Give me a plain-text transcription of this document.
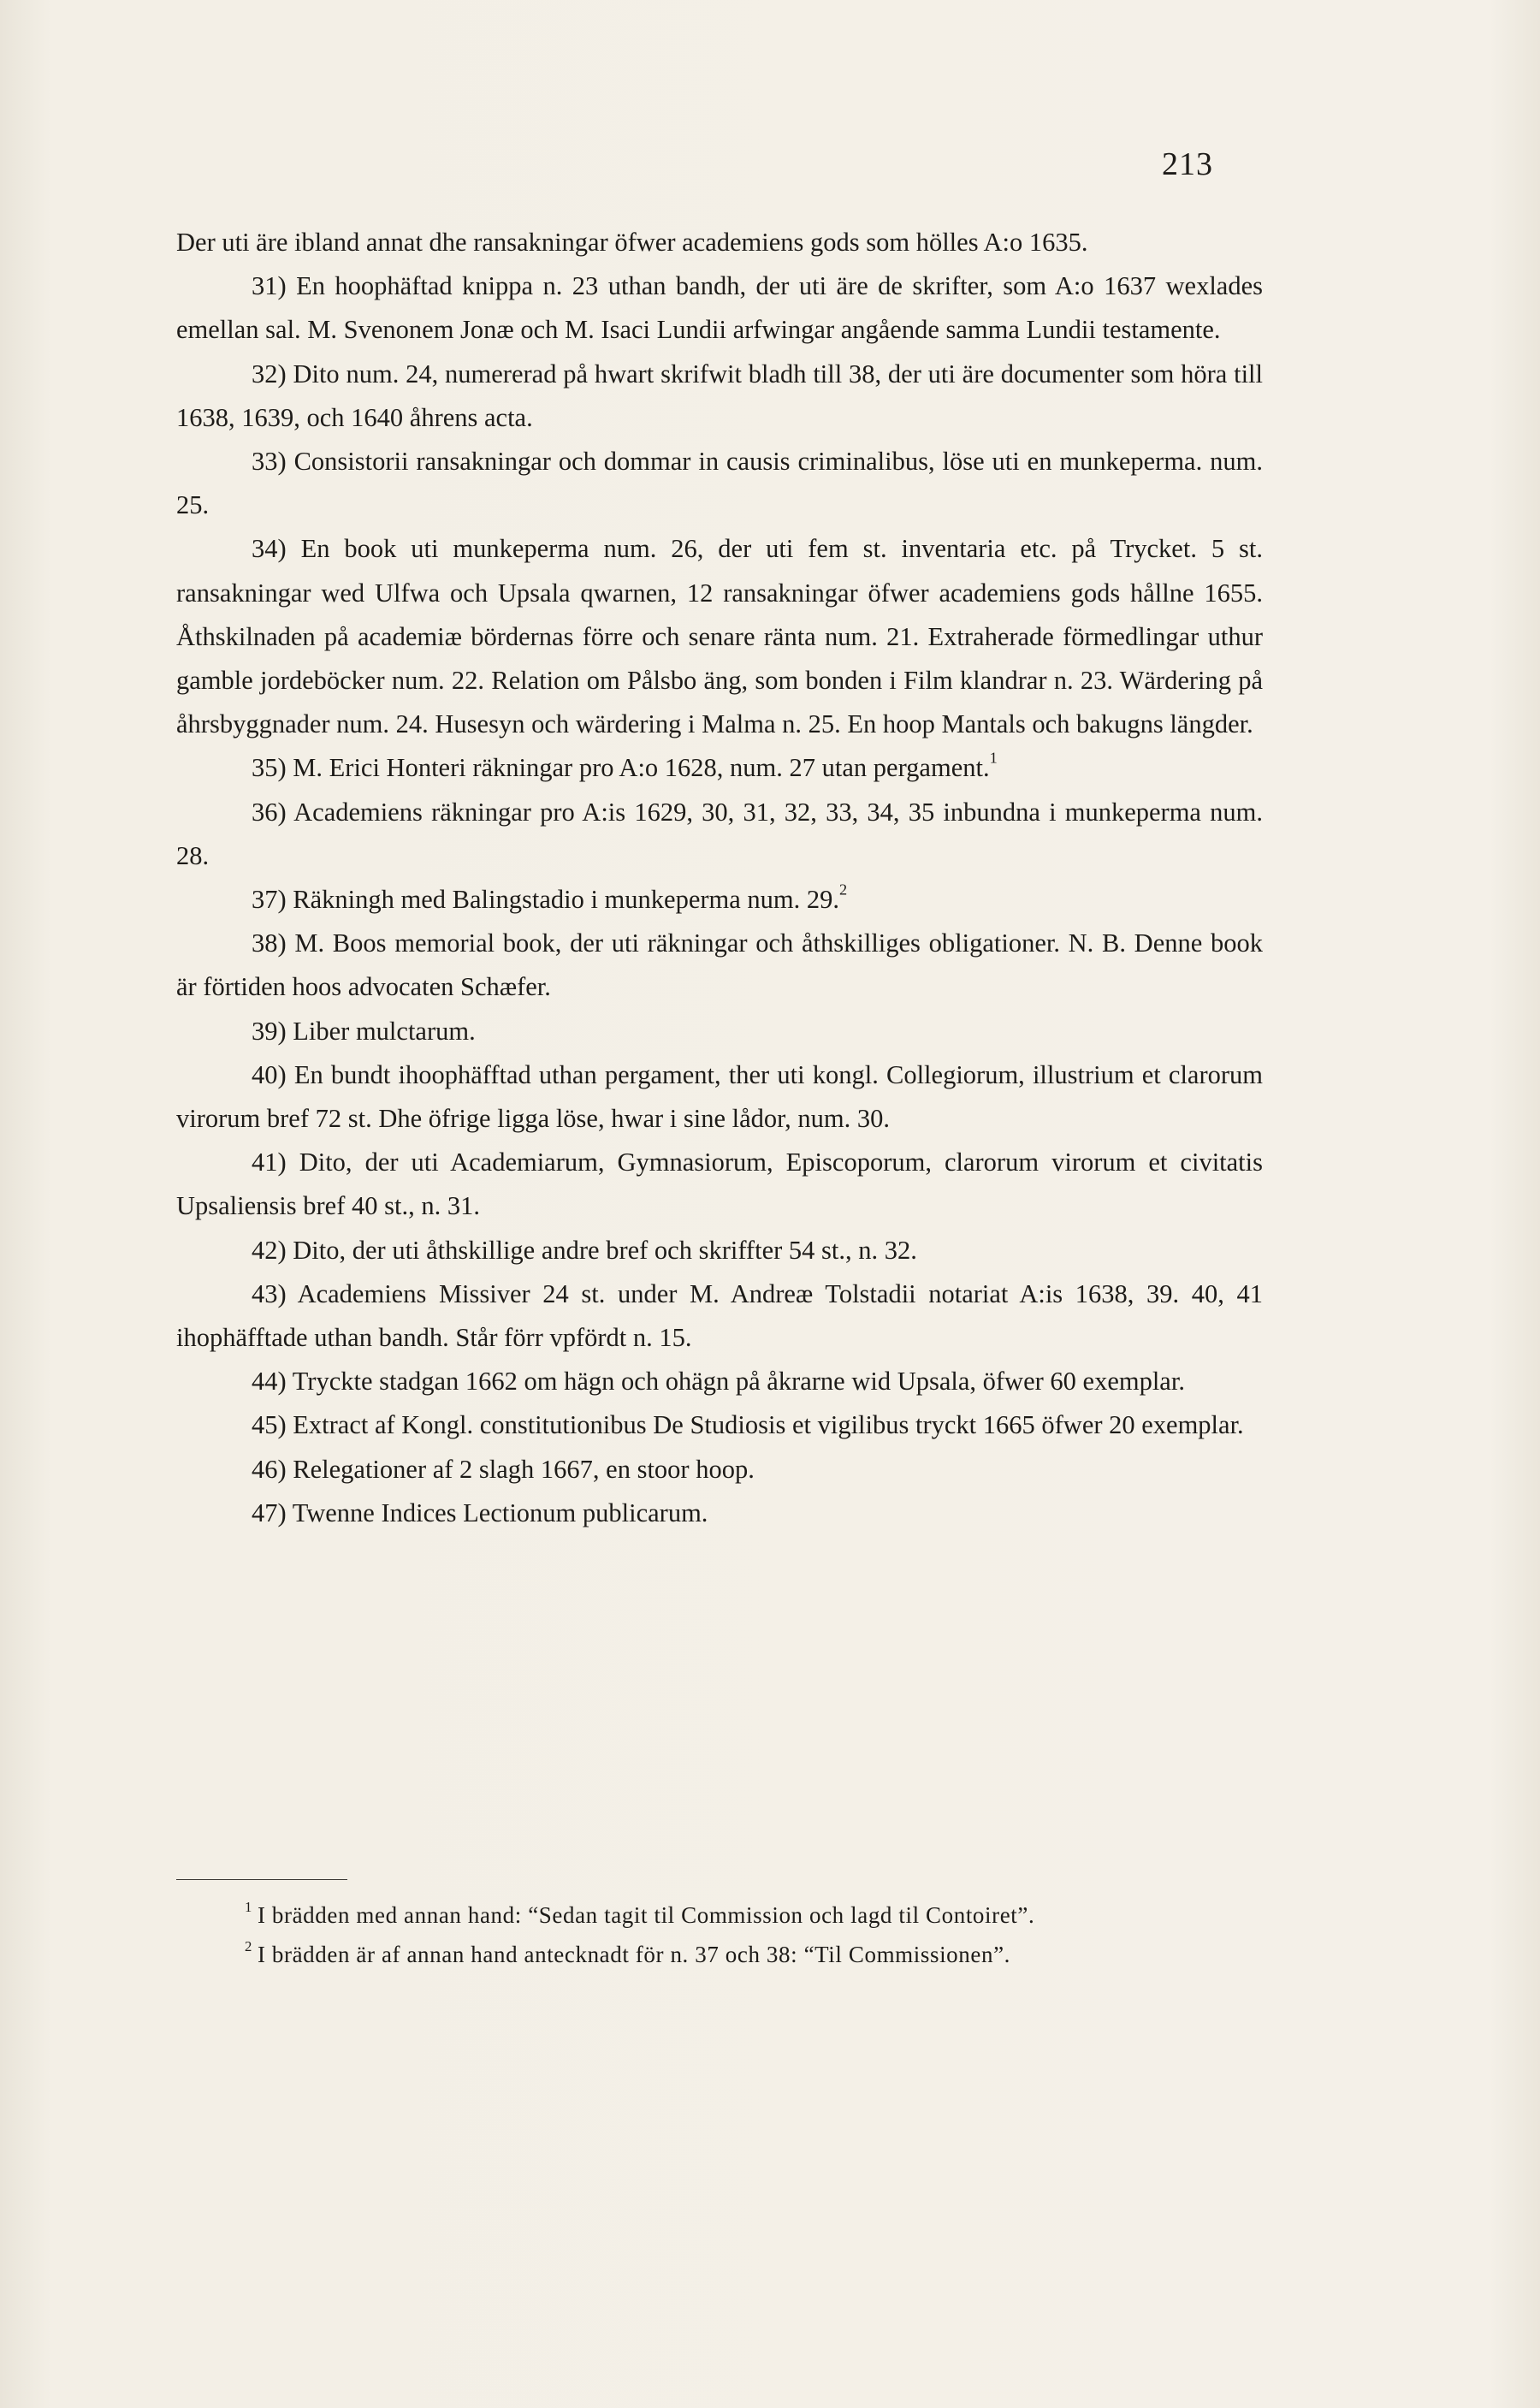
213

Der uti äre ibland annat dhe ransakningar öfwer academiens gods som hölles A:o 1635.

31) En hoophäftad knippa n. 23 uthan bandh, der uti äre de skrifter, som A:o 1637 wexlades emellan sal. M. Svenonem Jonæ och M. Isaci Lundii arfwingar angående samma Lundii testamente.

32) Dito num. 24, numererad på hwart skrifwit bladh till 38, der uti äre documenter som höra till 1638, 1639, och 1640 åhrens acta.

33) Consistorii ransakningar och dommar in causis criminalibus, löse uti en munkeperma. num. 25.

34) En book uti munkeperma num. 26, der uti fem st. inventaria etc. på Trycket. 5 st. ransakningar wed Ulfwa och Upsala qwarnen, 12 ransakningar öfwer academiens gods hållne 1655. Åthskilnaden på academiæ bördernas förre och senare ränta num. 21. Extraherade förmedlingar uthur gamble jordeböcker num. 22. Relation om Pålsbo äng, som bonden i Film klandrar n. 23. Wärdering på åhrsbyggnader num. 24. Husesyn och wärdering i Malma n. 25. En hoop Mantals och bakugns längder.

35) M. Erici Honteri räkningar pro A:o 1628, num. 27 utan pergament.$^1$

36) Academiens räkningar pro A:is 1629, 30, 31, 32, 33, 34, 35 inbundna i munkeperma num. 28.

37) Räkningh med Balingstadio i munkeperma num. 29.$^2$

38) M. Boos memorial book, der uti räkningar och åthskilliges obligationer. N. B. Denne book är förtiden hoos advocaten Schæfer.

39) Liber mulctarum.

40) En bundt ihoophäfftad uthan pergament, ther uti kongl. Collegiorum, illustrium et clarorum virorum bref 72 st. Dhe öfrige ligga löse, hwar i sine lådor, num. 30.

41) Dito, der uti Academiarum, Gymnasiorum, Episcoporum, clarorum virorum et civitatis Upsaliensis bref 40 st., n. 31.

42) Dito, der uti åthskillige andre bref och skriffter 54 st., n. 32.

43) Academiens Missiver 24 st. under M. Andreæ Tolstadii notariat A:is 1638, 39. 40, 41 ihophäfftade uthan bandh. Står förr vpfördt n. 15.

44) Tryckte stadgan 1662 om hägn och ohägn på åkrarne wid Upsala, öfwer 60 exemplar.

45) Extract af Kongl. constitutionibus De Studiosis et vigilibus tryckt 1665 öfwer 20 exemplar.

46) Relegationer af 2 slagh 1667, en stoor hoop.

47) Twenne Indices Lectionum publicarum.

$^1$ I brädden med annan hand: “Sedan tagit til Commission och lagd til Contoiret”.

$^2$ I brädden är af annan hand antecknadt för n. 37 och 38: “Til Commissionen”.
